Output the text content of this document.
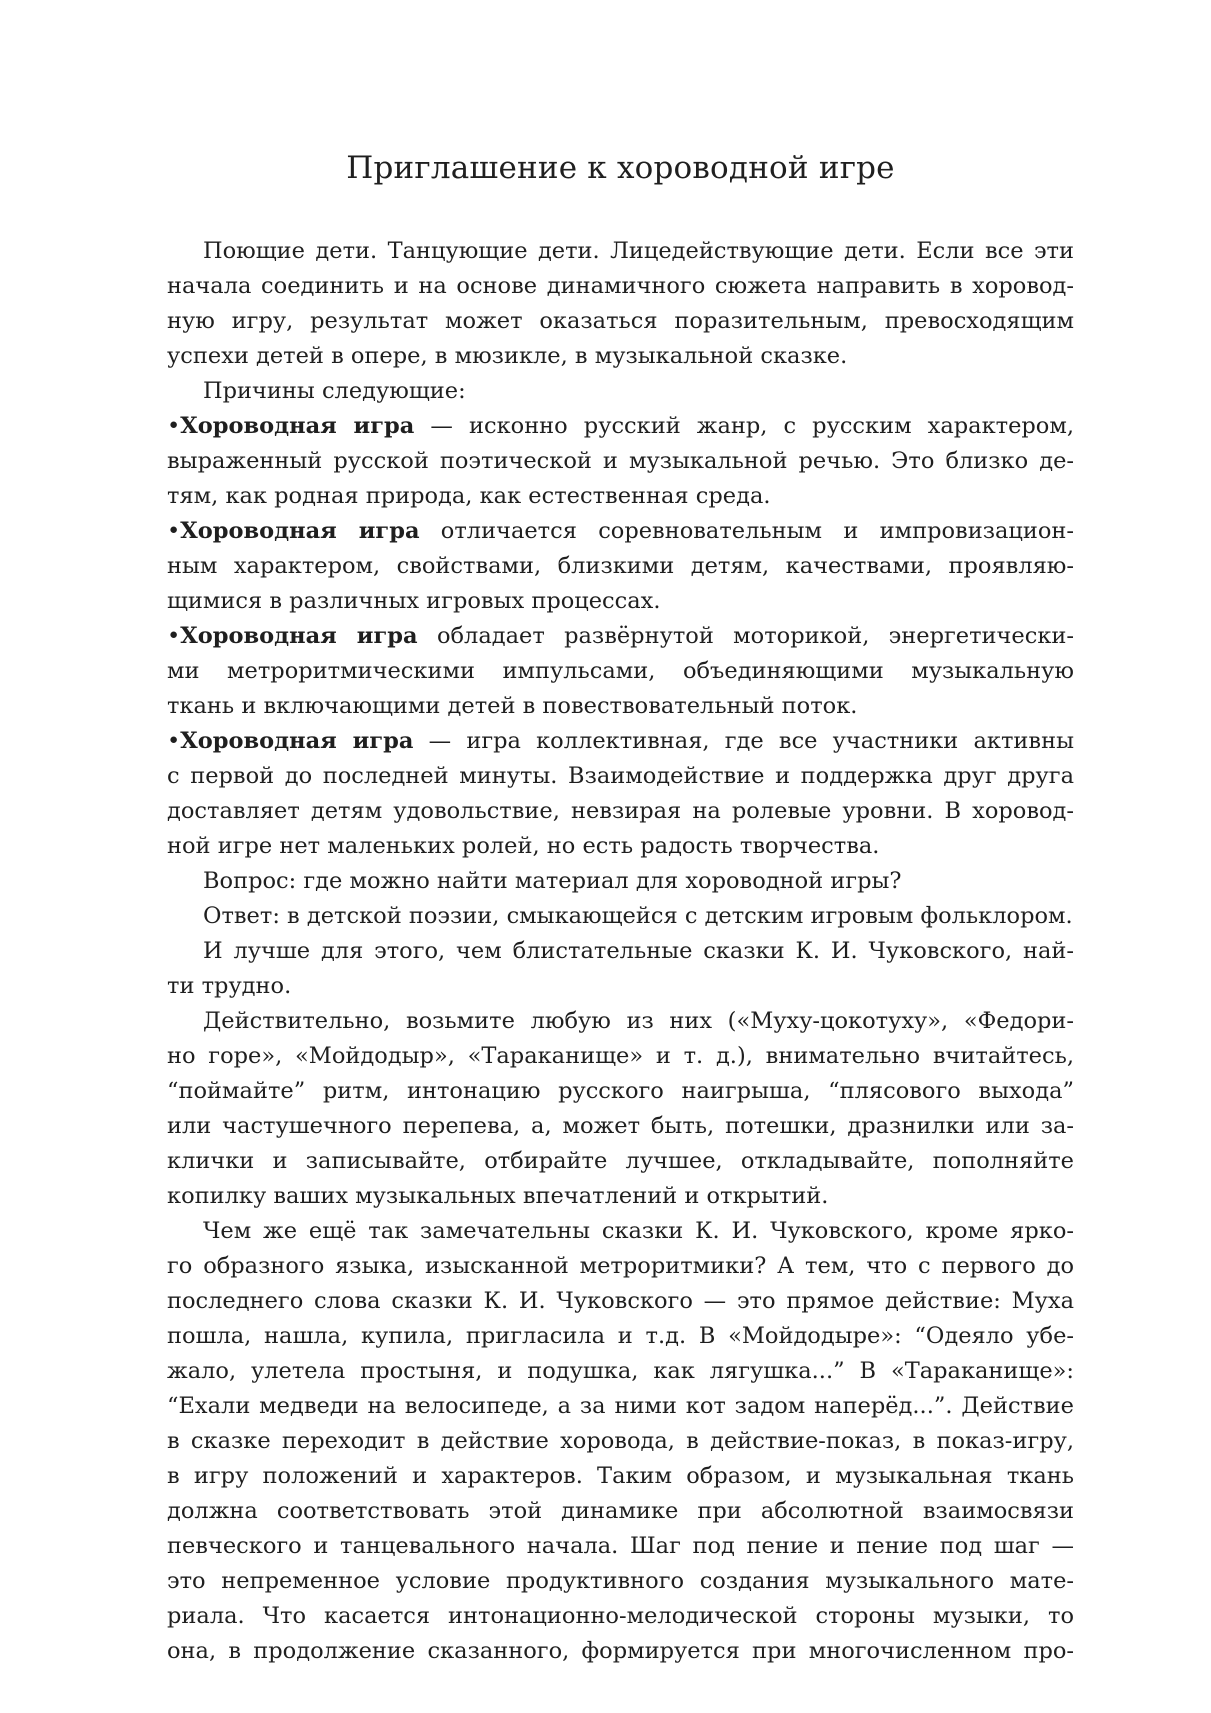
Приглашение к хороводной игре
Поющие дети. Танцующие дети. Лицедействующие дети. Если все эти
начала соединить и на основе динамичного сюжета направить в хоровод-
ную игру, результат может оказаться поразительным, превосходящим
успехи детей в опере, в мюзикле, в музыкальной сказке.
Причины следующие:
•Хороводная игра — исконно русский жанр, с русским характером,
выраженный русской поэтической и музыкальной речью. Это близко де-
тям, как родная природа, как естественная среда.
•Хороводная игра отличается соревновательным и импровизацион-
ным характером, свойствами, близкими детям, качествами, проявляю-
щимися в различных игровых процессах.
•Хороводная игра обладает развёрнутой моторикой, энергетически-
ми метроритмическими импульсами, объединяющими музыкальную
ткань и включающими детей в повествовательный поток.
•Хороводная игра — игра коллективная, где все участники активны
с первой до последней минуты. Взаимодействие и поддержка друг друга
доставляет детям удовольствие, невзирая на ролевые уровни. В хоровод-
ной игре нет маленьких ролей, но есть радость творчества.
Вопрос: где можно найти материал для хороводной игры?
Ответ: в детской поэзии, смыкающейся с детским игровым фольклором.
И лучше для этого, чем блистательные сказки К. И. Чуковского, най-
ти трудно.
Действительно, возьмите любую из них («Муху-цокотуху», «Федори-
но горе», «Мойдодыр», «Тараканище» и т. д.), внимательно вчитайтесь,
“поймайте” ритм, интонацию русского наигрыша, “плясового выхода”
или частушечного перепева, а, может быть, потешки, дразнилки или за-
клички и записывайте, отбирайте лучшее, откладывайте, пополняйте
копилку ваших музыкальных впечатлений и открытий.
Чем же ещё так замечательны сказки К. И. Чуковского, кроме ярко-
го образного языка, изысканной метроритмики? А тем, что с первого до
последнего слова сказки К. И. Чуковского — это прямое действие: Муха
пошла, нашла, купила, пригласила и т.д. В «Мойдодыре»: “Одеяло убе-
жало, улетела простыня, и подушка, как лягушка...” В «Тараканище»:
“Ехали медведи на велосипеде, а за ними кот задом наперёд...”. Действие
в сказке переходит в действие хоровода, в действие-показ, в показ-игру,
в игру положений и характеров. Таким образом, и музыкальная ткань
должна соответствовать этой динамике при абсолютной взаимосвязи
певческого и танцевального начала. Шаг под пение и пение под шаг —
это непременное условие продуктивного создания музыкального мате-
риала. Что касается интонационно-мелодической стороны музыки, то
она, в продолжение сказанного, формируется при многочисленном про-
